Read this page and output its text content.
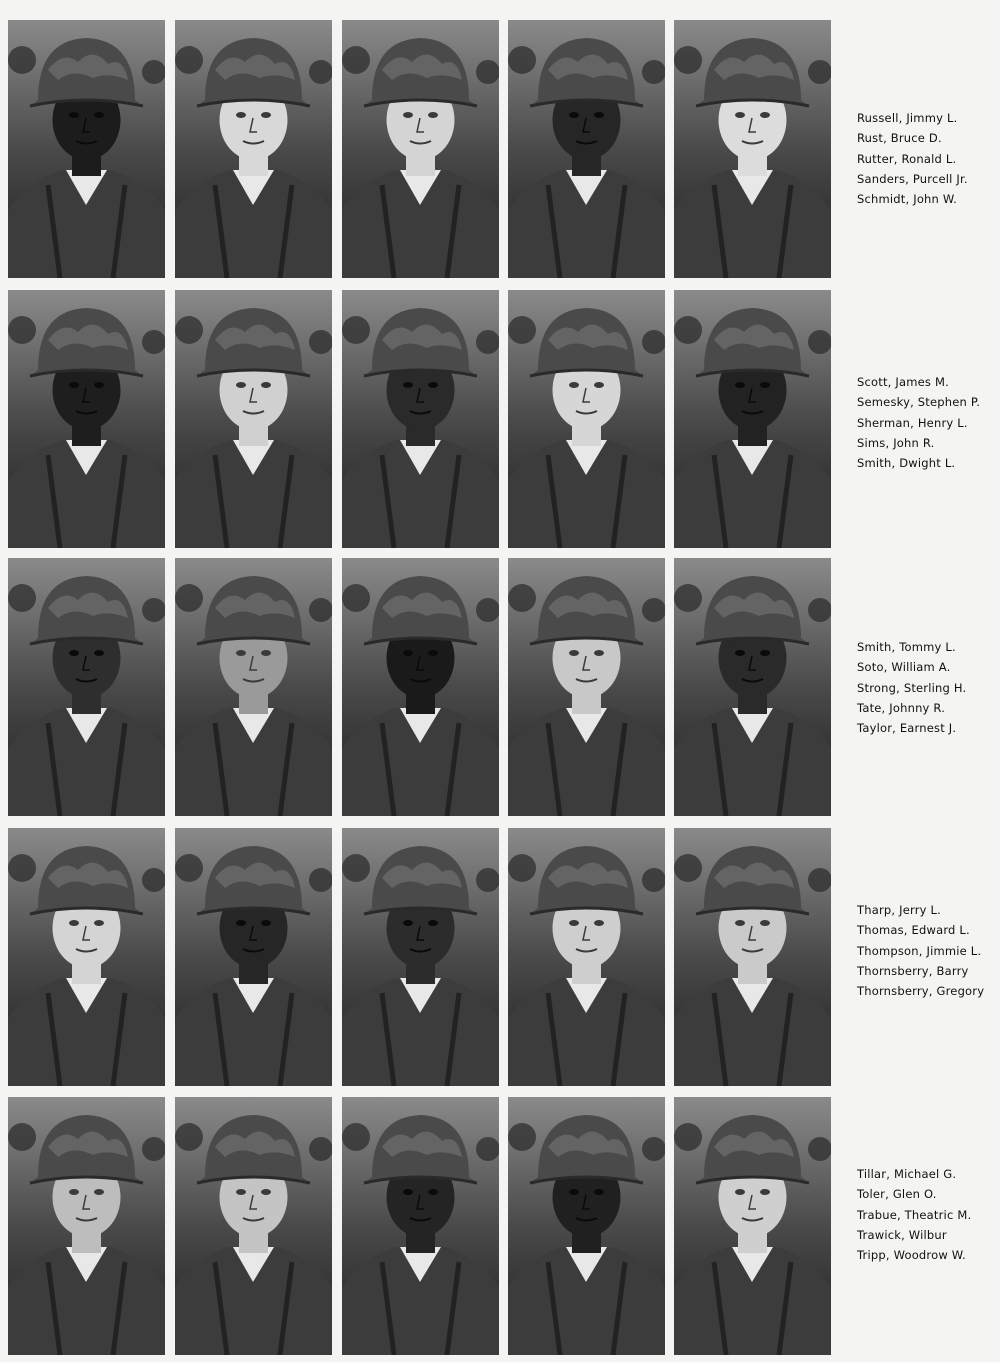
Russell, Jimmy L.
Rust, Bruce D.
Rutter, Ronald L.
Sanders, Purcell Jr.
Schmidt, John W.
Scott, James M.
Semesky, Stephen P.
Sherman, Henry L.
Sims, John R.
Smith, Dwight L.
Smith, Tommy L.
Soto, William A.
Strong, Sterling H.
Tate, Johnny R.
Taylor, Earnest J.
Tharp, Jerry L.
Thomas, Edward L.
Thompson, Jimmie L.
Thornsberry, Barry
Thornsberry, Gregory
Tillar, Michael G.
Toler, Glen O.
Trabue, Theatric M.
Trawick, Wilbur
Tripp, Woodrow W.
